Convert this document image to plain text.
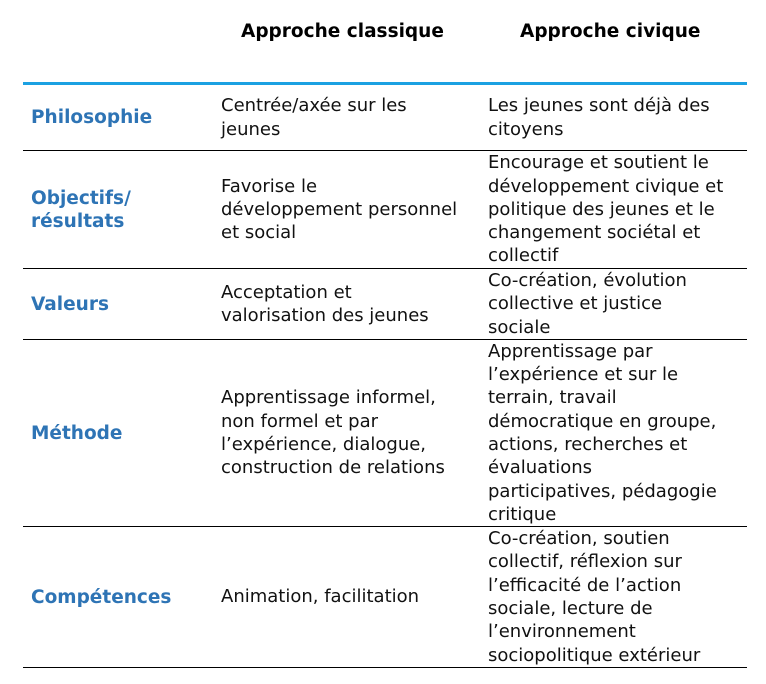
Approche classique	Approche civique
Philosophie
Centrée/axée sur les
jeunes
Les jeunes sont déjà des
citoyens
Objectifs/
résultats
Favorise le
développement personnel
et social
Encourage et soutient le
développement civique et
politique des jeunes et le
changement sociétal et
collectif
Valeurs
Acceptation et
valorisation des jeunes
Co-création, évolution
collective et justice
sociale
Méthode
Apprentissage informel,
non formel et par
l’expérience, dialogue,
construction de relations
Apprentissage par
l’expérience et sur le
terrain, travail
démocratique en groupe,
actions, recherches et
évaluations
participatives, pédagogie
critique
Compétences	Animation, facilitation
Co-création, soutien
collectif, réflexion sur
l’efficacité de l’action
sociale, lecture de
l’environnement
sociopolitique extérieur
